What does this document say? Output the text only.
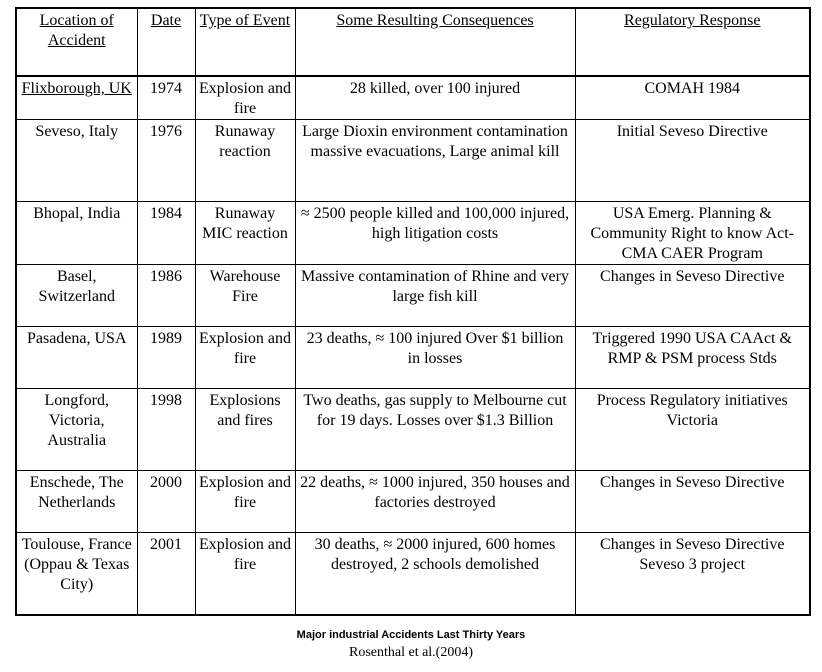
Location of Accident	Date	Type of Event	Some Resulting Consequences	Regulatory Response
Flixborough, UK	1974	Explosion and fire	28 killed, over 100 injured	COMAH 1984
Seveso, Italy	1976	Runaway reaction	Large Dioxin environment contamination massive evacuations, Large animal kill	Initial Seveso Directive
Bhopal, India	1984	Runaway MIC reaction	≈ 2500 people killed and 100,000 injured, high litigation costs	USA Emerg. Planning & Community Right to know Act- CMA CAER Program
Basel, Switzerland	1986	Warehouse Fire	Massive contamination of Rhine and very large fish kill	Changes in Seveso Directive
Pasadena, USA	1989	Explosion and fire	23 deaths, ≈ 100 injured Over $1 billion in losses	Triggered 1990 USA CAAct & RMP & PSM process Stds
Longford, Victoria, Australia	1998	Explosions and fires	Two deaths, gas supply to Melbourne cut for 19 days. Losses over $1.3 Billion	Process Regulatory initiatives Victoria
Enschede, The Netherlands	2000	Explosion and fire	22 deaths, ≈ 1000 injured, 350 houses and factories destroyed	Changes in Seveso Directive
Toulouse, France (Oppau & Texas City)	2001	Explosion and fire	30 deaths, ≈ 2000 injured, 600 homes destroyed, 2 schools demolished	Changes in Seveso Directive Seveso 3 project
Major industrial Accidents Last Thirty Years
Rosenthal et al.(2004)
